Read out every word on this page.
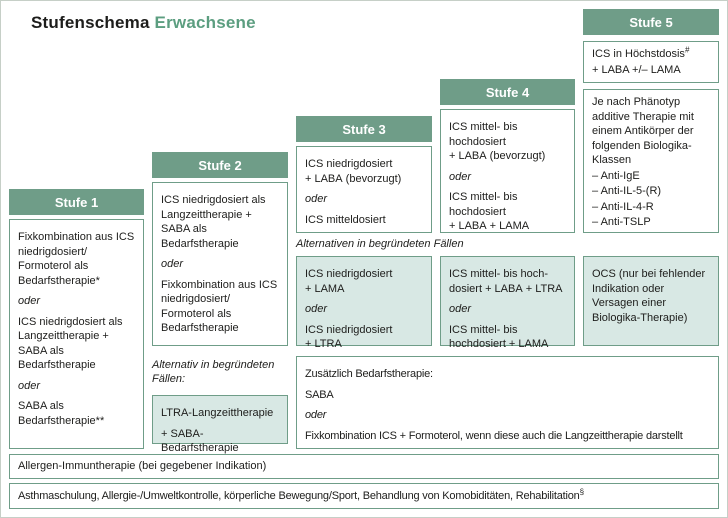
Stufenschema Erwachsene
Stufe 1
Stufe 2
Stufe 3
Stufe 4
Stufe 5

Fixkombination aus ICS niedrigdosiert/​Formoterol als Bedarfstherapie*

oder

ICS niedrigdosiert als Langzeittherapie + SABA als Bedarfstherapie

oder

SABA als Bedarfstherapie**

ICS niedrigdosiert als Langzeittherapie + SABA als Bedarfstherapie

oder

Fixkombination aus ICS niedrigdosiert/​Formoterol als Bedarfstherapie

ICS niedrigdosiert + LABA (bevorzugt)

oder

ICS mitteldosiert

ICS mittel- bis hochdosiert + LABA (bevorzugt)

oder

ICS mittel- bis hochdosiert + LABA + LAMA

ICS in Höchstdosis#

+ LABA +/– LAMA

Je nach Phänotyp additive Therapie mit einem Antikörper der folgenden Biologika-Klassen

– Anti-IgE

– Anti-IL-5-(R)

– Anti-IL-4-R

– Anti-TSLP

Alternativen in begründeten Fällen

ICS niedrigdosiert + LAMA

oder

ICS niedrigdosiert + LTRA

ICS mittel- bis hochdosiert + LABA + LTRA

oder

ICS mittel- bis hochdosiert + LAMA

OCS (nur bei fehlender Indikation oder Versagen einer Biologika-Therapie)

Alternativ in begründeten Fällen:

LTRA-Langzeittherapie

+ SABA-Bedarfstherapie

Zusätzlich Bedarfstherapie:

SABA

oder

Fixkombination ICS + Formoterol, wenn diese auch die Langzeittherapie darstellt

Allergen-Immuntherapie (bei gegebener Indikation)

Asthmaschulung, Allergie-/Umweltkontrolle, körperliche Bewegung/Sport, Behandlung von Komobiditäten, Rehabilitation§
